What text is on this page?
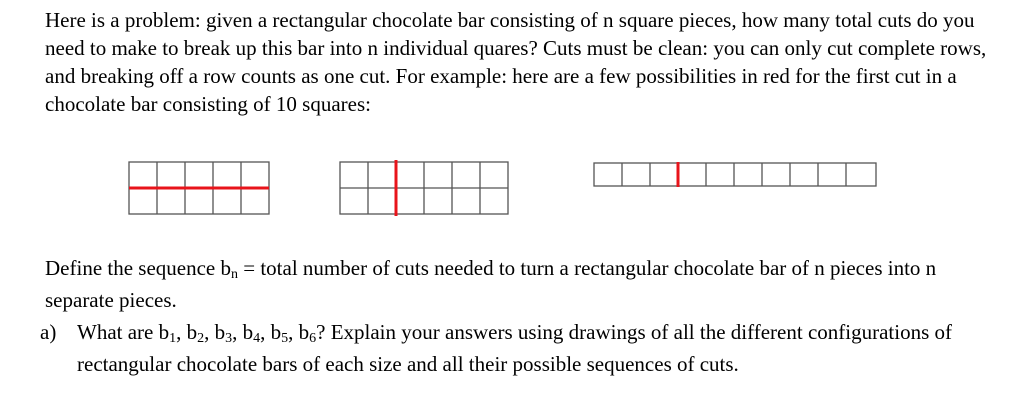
Here is a problem: given a rectangular chocolate bar consisting of n square pieces, how many total cuts do you need to make to break up this bar into n individual quares? Cuts must be clean: you can only cut complete rows, and breaking off a row counts as one cut. For example: here are a few possibilities in red for the first cut in a chocolate bar consisting of 10 squares:

Define the sequence $b_n$ = total number of cuts needed to turn a rectangular chocolate bar of n pieces into n separate pieces.

a) What are $b_1$, $b_2$, $b_3$, $b_4$, $b_5$, $b_6$? Explain your answers using drawings of all the different configurations of rectangular chocolate bars of each size and all their possible sequences of cuts.
